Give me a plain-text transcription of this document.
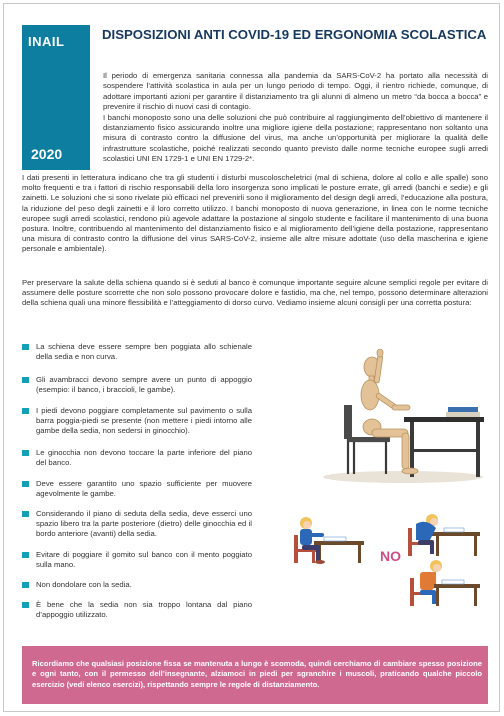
INAIL
2020
DISPOSIZIONI ANTI COVID-19 ED ERGONOMIA SCOLASTICA

Il periodo di emergenza sanitaria connessa alla pandemia da SARS-CoV-2 ha portato alla necessità di sospendere l’attività scolastica in aula per un lungo periodo di tempo. Oggi, il rientro richiede, comunque, di adottare importanti azioni per garantire il distanziamento tra gli alunni di almeno un metro “da bocca a bocca” e prevenire il rischio di nuovi casi di contagio.

I banchi monoposto sono una delle soluzioni che può contribuire al raggiungimento dell’obiettivo di mantenere il distanziamento fisico assicurando inoltre una migliore igiene della postazione; rappresentano non soltanto una misura di contrasto contro la diffusione del virus, ma anche un’opportunità per migliorare la qualità delle infrastrutture scolastiche, poiché realizzati secondo quanto previsto dalle norme tecniche europee sugli arredi scolastici UNI EN 1729-1 e UNI EN 1729-2*.

I dati presenti in letteratura indicano che tra gli studenti i disturbi muscoloscheletrici (mal di schiena, dolore al collo e alle spalle) sono molto frequenti e tra i fattori di rischio responsabili della loro insorgenza sono implicati le posture errate, gli arredi (banchi e sedie) e gli zainetti. Le soluzioni che si sono rivelate più efficaci nel prevenirli sono il miglioramento del design degli arredi, l’educazione alla postura, la riduzione del peso degli zainetti e il loro corretto utilizzo. I banchi monoposto di nuova generazione, in linea con le norme tecniche europee sugli arredi scolastici, rendono più agevole adattare la postazione al singolo studente e facilitare il mantenimento di una buona postura. Inoltre, contribuendo al mantenimento del distanziamento fisico e al miglioramento dell’igiene della postazione, rappresentano una misura di contrasto contro la diffusione del virus SARS-CoV-2, insieme alle altre misure adottate (uso della mascherina e igiene personale e ambientale).

Per preservare la salute della schiena quando si è seduti al banco è comunque importante seguire alcune semplici regole per evitare di assumere delle posture scorrette che non solo possono provocare dolore e fastidio, ma che, nel tempo, possono determinare alterazioni della schiena quali una minore flessibilità e l’atteggiamento di dorso curvo. Vediamo insieme alcuni consigli per una corretta postura:

La schiena deve essere sempre ben poggiata allo schienale della sedia e non curva.
Gli avambracci devono sempre avere un punto di appoggio (esempio: il banco, i braccioli, le gambe).
I piedi devono poggiare completamente sul pavimento o sulla barra poggia-piedi se presente (non mettere i piedi intorno alle gambe della sedia, non sedersi in ginocchio).
Le ginocchia non devono toccare la parte inferiore del piano del banco.
Deve essere garantito uno spazio sufficiente per muovere agevolmente le gambe.
Considerando il piano di seduta della sedia, deve esserci uno spazio libero tra la parte posteriore (dietro) delle ginocchia ed il bordo anteriore (avanti) della sedia.
Evitare di poggiare il gomito sul banco con il mento poggiato sulla mano.
Non dondolare con la sedia.
È bene che la sedia non sia troppo lontana dal piano d’appoggio utilizzato.
NO
Ricordiamo che qualsiasi posizione fissa se mantenuta a lungo è scomoda, quindi cerchiamo di cambiare spesso posizione e ogni tanto, con il permesso dell’insegnante, alziamoci in piedi per sgranchire i muscoli, praticando qualche piccolo esercizio (vedi elenco esercizi), rispettando sempre le regole di distanziamento.
